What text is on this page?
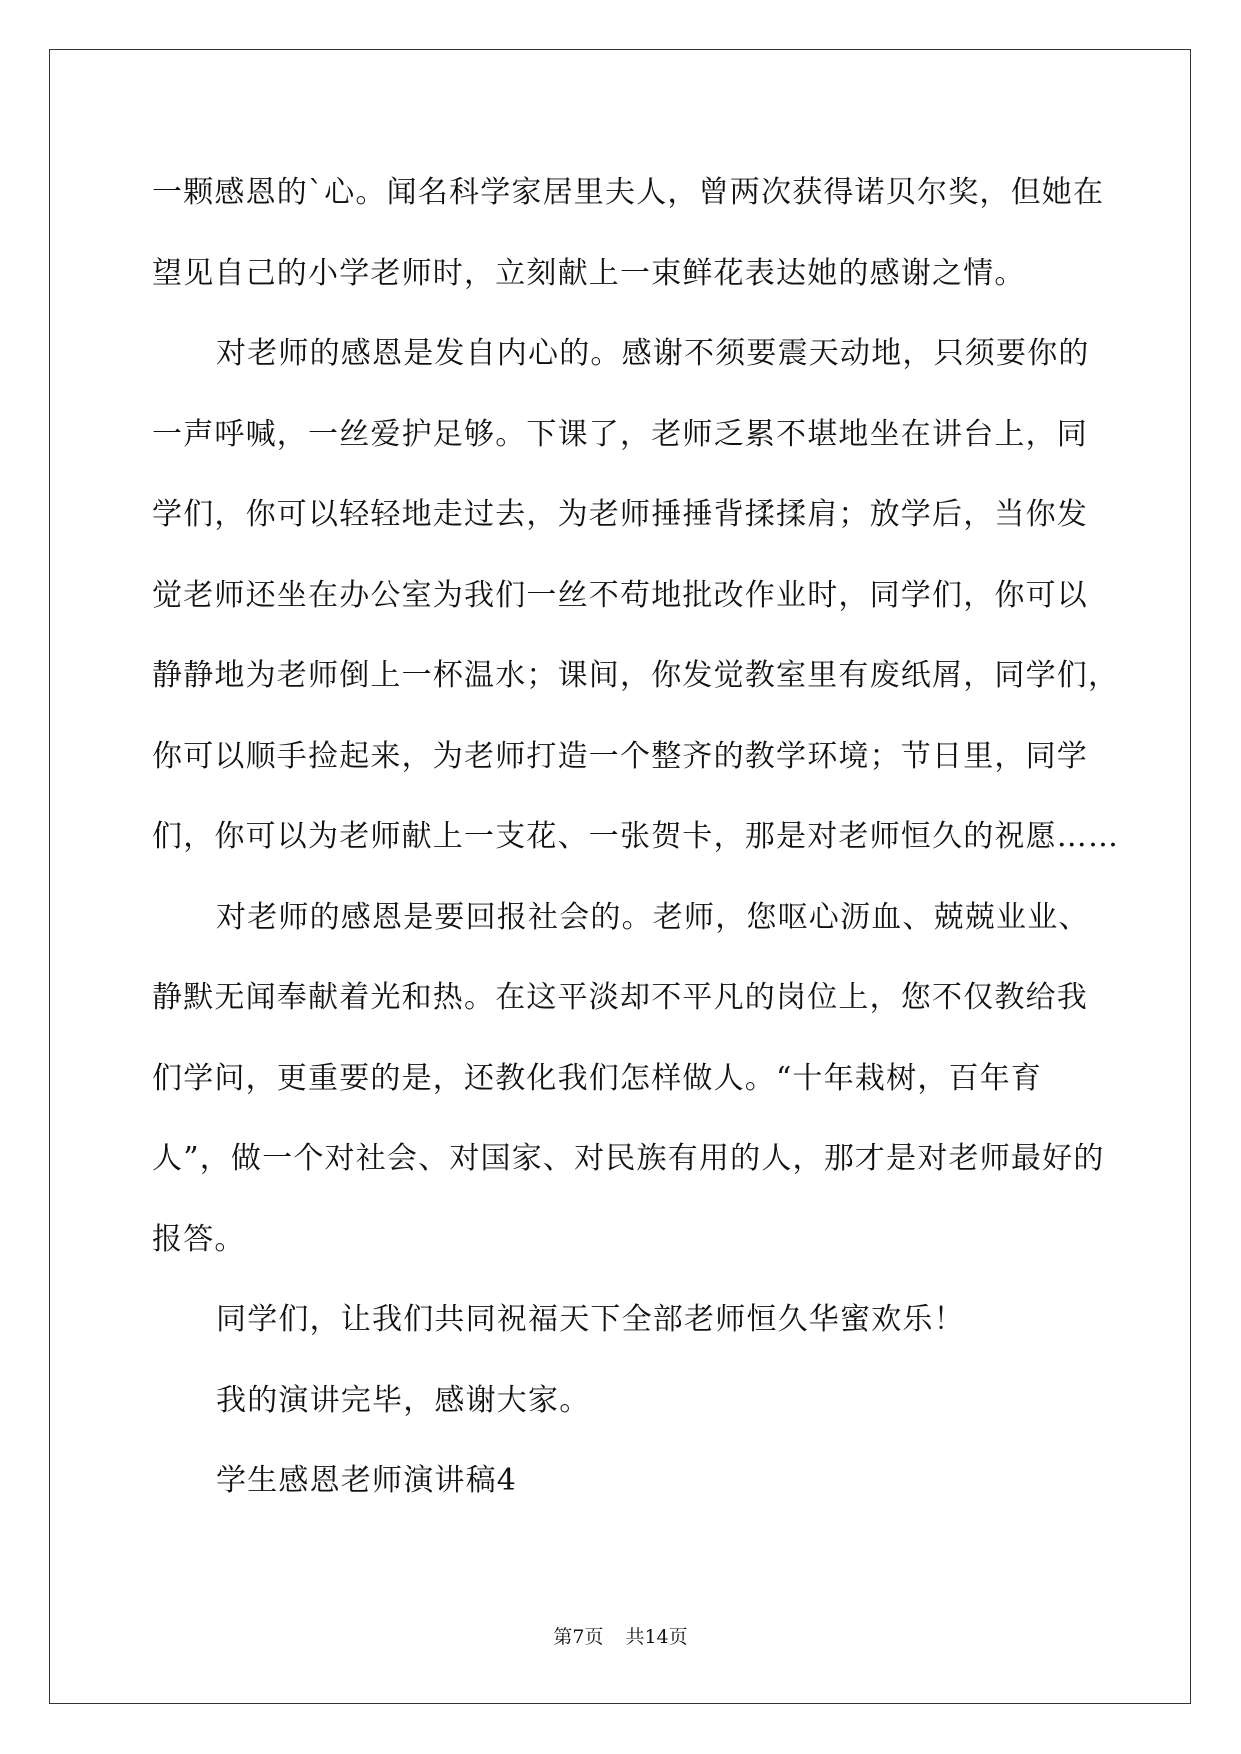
一颗感恩的`心。闻名科学家居里夫人，曾两次获得诺贝尔奖，但她在
望见自己的小学老师时，立刻献上一束鲜花表达她的感谢之情。
对老师的感恩是发自内心的。感谢不须要震天动地，只须要你的
一声呼喊，一丝爱护足够。下课了，老师乏累不堪地坐在讲台上，同
学们，你可以轻轻地走过去，为老师捶捶背揉揉肩；放学后，当你发
觉老师还坐在办公室为我们一丝不苟地批改作业时，同学们，你可以
静静地为老师倒上一杯温水；课间，你发觉教室里有废纸屑，同学们，
你可以顺手捡起来，为老师打造一个整齐的教学环境；节日里，同学
们，你可以为老师献上一支花、一张贺卡，那是对老师恒久的祝愿……
对老师的感恩是要回报社会的。老师，您呕心沥血、兢兢业业、
静默无闻奉献着光和热。在这平淡却不平凡的岗位上，您不仅教给我
们学问，更重要的是，还教化我们怎样做人。“十年栽树，百年育
人”，做一个对社会、对国家、对民族有用的人，那才是对老师最好的
报答。
同学们，让我们共同祝福天下全部老师恒久华蜜欢乐！
我的演讲完毕，感谢大家。
学生感恩老师演讲稿4
第7页 共14页
